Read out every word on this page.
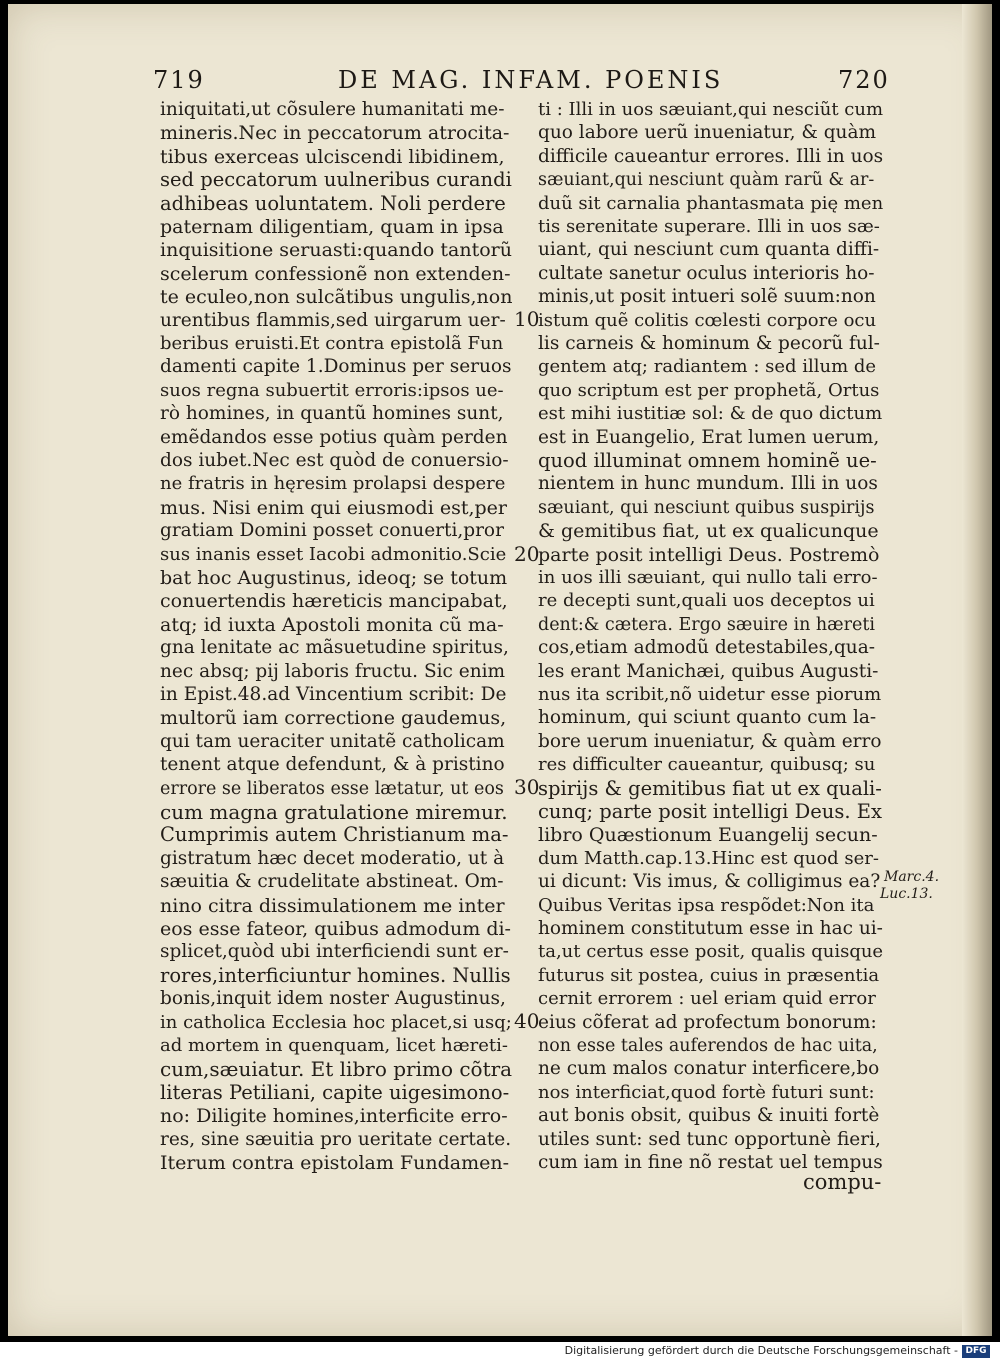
719	DE MAG. INFAM. POENIS	720
iniquitati,ut cõsulere humanitati me-
mineris.Nec in peccatorum atrocita-
tibus exerceas ulciscendi libidinem,
sed peccatorum uulneribus curandi
adhibeas uoluntatem. Noli perdere
paternam diligentiam, quam in ipsa
inquisitione seruasti:quando tantorũ
scelerum confessionẽ non extenden-
te eculeo,non sulcãtibus ungulis,non
urentibus flammis,sed uirgarum uer-
beribus eruisti.Et contra epistolã Fun
damenti capite 1.Dominus per seruos
suos regna subuertit erroris:ipsos ue-
rò homines, in quantũ homines sunt,
emẽdandos esse potius quàm perden
dos iubet.Nec est quòd de conuersio-
ne fratris in hęresim prolapsi despere
mus. Nisi enim qui eiusmodi est,per
gratiam Domini posset conuerti,pror
sus inanis esset Iacobi admonitio.Scie
bat hoc Augustinus, ideoq; se totum
conuertendis hæreticis mancipabat,
atq; id iuxta Apostoli monita cũ ma-
gna lenitate ac mãsuetudine spiritus,
nec absq; pij laboris fructu. Sic enim
in Epist.48.ad Vincentium scribit: De
multorũ iam correctione gaudemus,
qui tam ueraciter unitatẽ catholicam
tenent atque defendunt, & à pristino
errore se liberatos esse lætatur, ut eos
cum magna gratulatione miremur.
Cumprimis autem Christianum ma-
gistratum hæc decet moderatio, ut à
sæuitia & crudelitate abstineat. Om-
nino citra dissimulationem me inter
eos esse fateor, quibus admodum di-
splicet,quòd ubi interficiendi sunt er-
rores,interficiuntur homines. Nullis
bonis,inquit idem noster Augustinus,
in catholica Ecclesia hoc placet,si usq;
ad mortem in quenquam, licet hæreti-
cum,sæuiatur. Et libro primo cõtra
literas Petiliani, capite uigesimono-
no: Diligite homines,interficite erro-
res, sine sæuitia pro ueritate certate.
Iterum contra epistolam Fundamen-
ti : Illi in uos sæuiant,qui nesciũt cum
quo labore uerũ inueniatur, & quàm
difficile caueantur errores. Illi in uos
sæuiant,qui nesciunt quàm rarũ & ar-
duũ sit carnalia phantasmata pię men
tis serenitate superare. Illi in uos sæ-
uiant, qui nesciunt cum quanta diffi-
cultate sanetur oculus interioris ho-
minis,ut posit intueri solẽ suum:non
istum quẽ colitis cœlesti corpore ocu
lis carneis & hominum & pecorũ ful-
gentem atq; radiantem : sed illum de
quo scriptum est per prophetã, Ortus
est mihi iustitiæ sol: & de quo dictum
est in Euangelio, Erat lumen uerum,
quod illuminat omnem hominẽ ue-
nientem in hunc mundum. Illi in uos
sæuiant, qui nesciunt quibus suspirijs
& gemitibus fiat, ut ex qualicunque
parte posit intelligi Deus. Postremò
in uos illi sæuiant, qui nullo tali erro-
re decepti sunt,quali uos deceptos ui
dent:& cætera. Ergo sæuire in hæreti
cos,etiam admodũ detestabiles,qua-
les erant Manichæi, quibus Augusti-
nus ita scribit,nõ uidetur esse piorum
hominum, qui sciunt quanto cum la-
bore uerum inueniatur, & quàm erro
res difficulter caueantur, quibusq; su
spirijs & gemitibus fiat ut ex quali-
cunq; parte posit intelligi Deus. Ex
libro Quæstionum Euangelij secun-
dum Matth.cap.13.Hinc est quod ser-
ui dicunt: Vis imus, & colligimus ea?
Quibus Veritas ipsa respõdet:Non ita
hominem constitutum esse in hac ui-
ta,ut certus esse posit, qualis quisque
futurus sit postea, cuius in præsentia
cernit errorem : uel eriam quid error
eius cõferat ad profectum bonorum:
non esse tales auferendos de hac uita,
ne cum malos conatur interficere,bo
nos interficiat,quod fortè futuri sunt:
aut bonis obsit, quibus & inuiti fortè
utiles sunt: sed tunc opportunè fieri,
cum iam in fine nõ restat uel tempus
10
20
30
40
Marc.4.
Luc.13.
compu-
Digitalisierung gefördert durch die Deutsche Forschungsgemeinschaft - DFG
